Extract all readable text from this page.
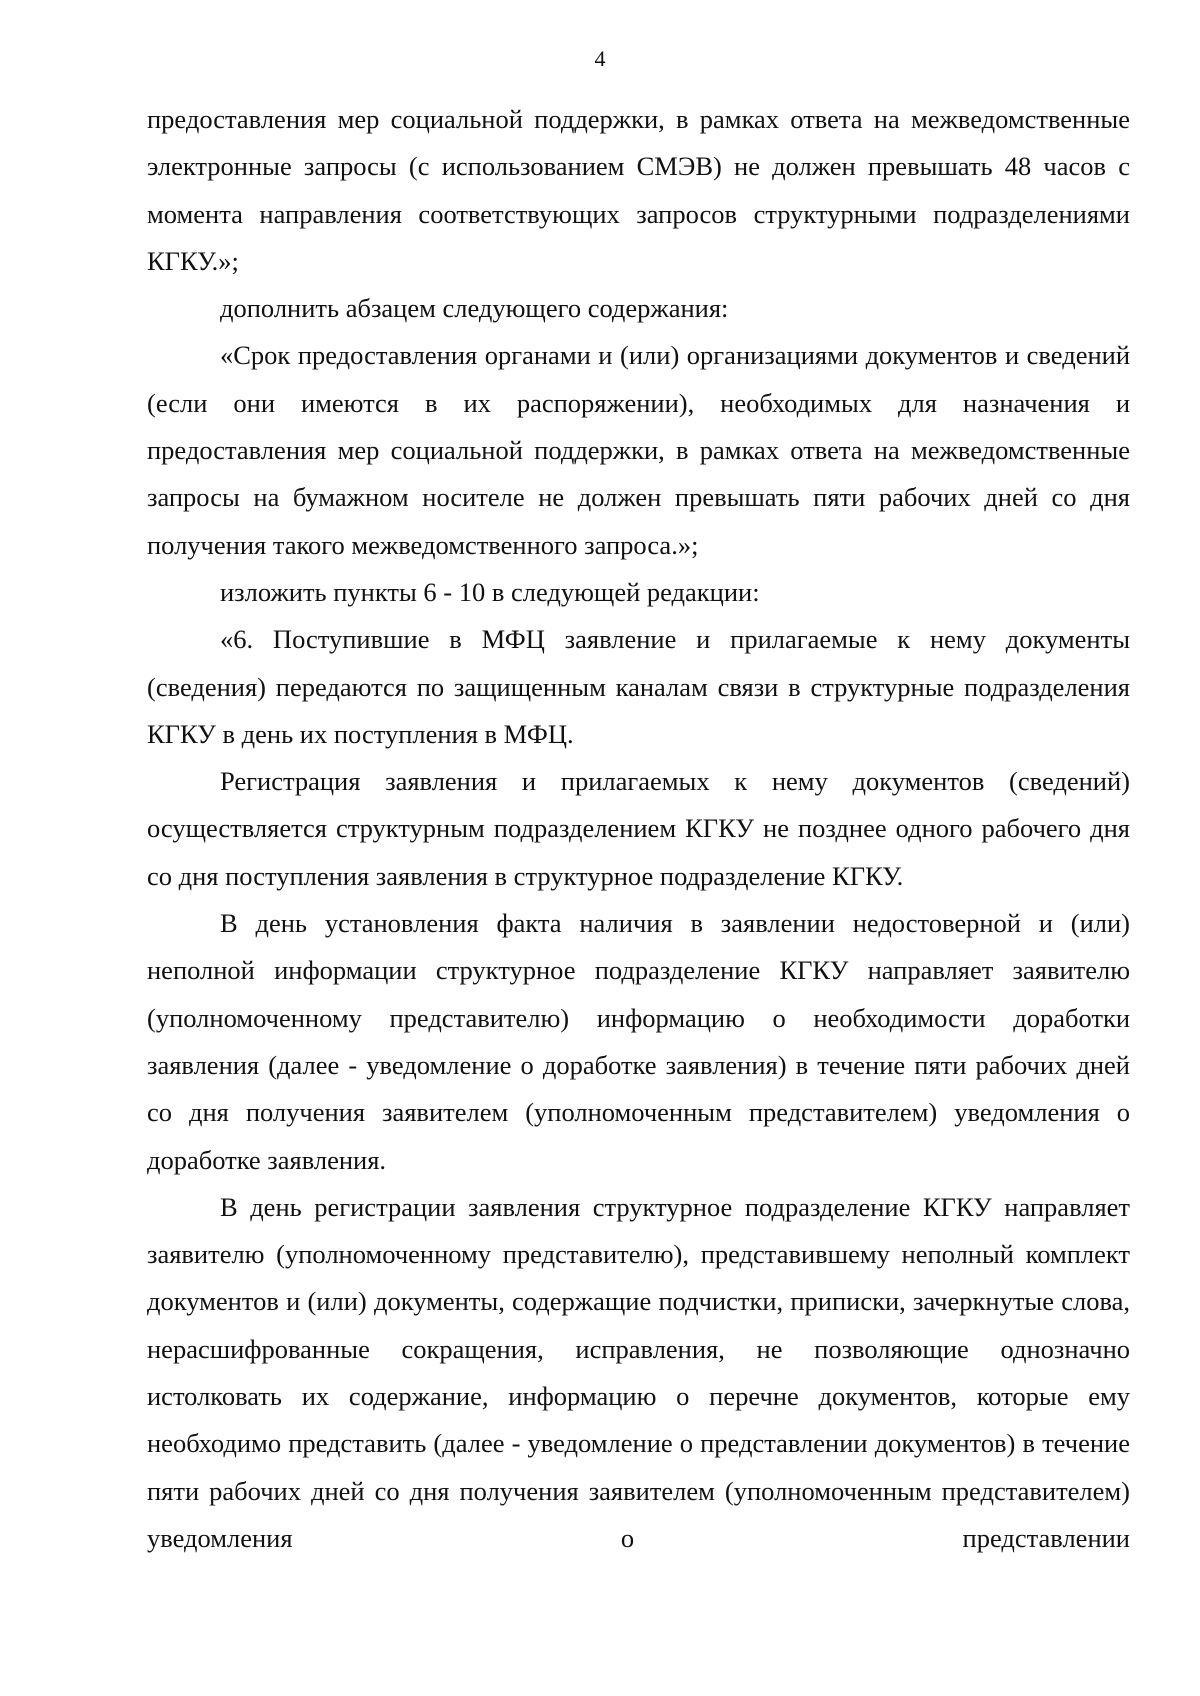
4

предоставления мер социальной поддержки, в рамках ответа на межведомственные электронные запросы (с использованием СМЭВ) не должен превышать 48 часов с момента направления соответствующих запросов структурными подразделениями КГКУ.»;

дополнить абзацем следующего содержания:

«Срок предоставления органами и (или) организациями документов и сведений (если они имеются в их распоряжении), необходимых для назначения и предоставления мер социальной поддержки, в рамках ответа на межведомственные запросы на бумажном носителе не должен превышать пяти рабочих дней со дня получения такого межведомственного запроса.»;

изложить пункты 6 - 10 в следующей редакции:

«6. Поступившие в МФЦ заявление и прилагаемые к нему документы (сведения) передаются по защищенным каналам связи в структурные подразделения КГКУ в день их поступления в МФЦ.

Регистрация заявления и прилагаемых к нему документов (сведений) осуществляется структурным подразделением КГКУ не позднее одного рабочего дня со дня поступления заявления в структурное подразделение КГКУ.

В день установления факта наличия в заявлении недостоверной и (или) неполной информации структурное подразделение КГКУ направляет заявителю (уполномоченному представителю) информацию о необходимости доработки заявления (далее - уведомление о доработке заявления) в течение пяти рабочих дней со дня получения заявителем (уполномоченным представителем) уведомления о доработке заявления.

В день регистрации заявления структурное подразделение КГКУ направляет заявителю (уполномоченному представителю), представившему неполный комплект документов и (или) документы, содержащие подчистки, приписки, зачеркнутые слова, нерасшифрованные сокращения, исправления, не позволяющие однозначно истолковать их содержание, информацию о перечне документов, которые ему необходимо представить (далее - уведомление о представлении документов) в течение пяти рабочих дней со дня получения заявителем (уполномоченным представителем) уведомления о представлении
